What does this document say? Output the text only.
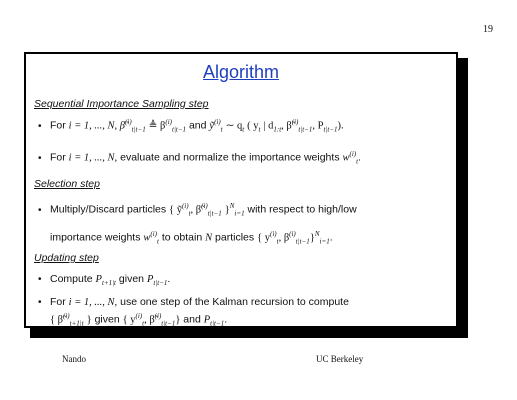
19
Algorithm
Sequential Importance Sampling step
• For i = 1, ..., N, β̃$^{(i)}_{t|t-1}$ ≜ $\beta^{(i)}_{t|t-1}$ and ỹ$^{(i)}_t$ ∼ $q_t$ ( $y_t$ | $d_{1:t}$, β̃$^{(i)}_{t|t-1}$, $P_{t|t-1}$).
• For i = 1, ..., N, evaluate and normalize the importance weights $w^{(i)}_t$.
Selection step
• Multiply/Discard particles { ỹ$^{(i)}_t$, β̃$^{(i)}_{t|t-1}$ }$^N_{i=1}$ with respect to high/low
importance weights $w^{(i)}_t$ to obtain N particles { $y^{(i)}_t$, $\beta^{(i)}_{t|t-1}\}^N_{i=1}$.
Updating step
• Compute $P_{t+1|t}$ given $P_{t|t-1}$.
• For i = 1, ..., N, use one step of the Kalman recursion to compute
{ β̃$^{(i)}_{t+1|t}$ } given { $y^{(i)}_t$, β̃$^{(i)}_{t|t-1}$} and $P_{t|t-1}$.
Nando	UC Berkeley
